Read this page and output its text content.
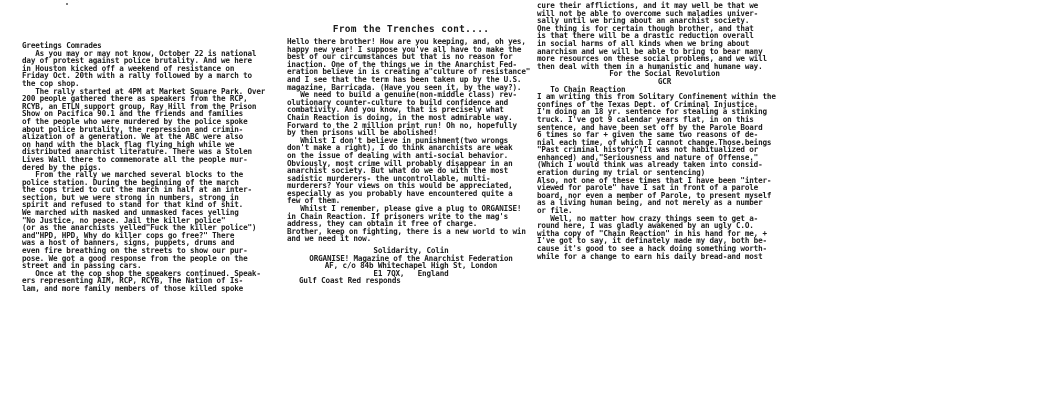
Greetings Comrades
As you may or may not know, October 22 is national
day of protest against police brutality. And we here
in Houston kicked off a weekend of resistance on
Friday Oct. 20th with a rally followed by a march to
the cop shop.
The rally started at 4PM at Market Square Park. Over
200 people gathered there as speakers from the RCP,
RCYB, an ETLN support group, Ray Hill from the Prison
Show on Pacifica 90.1 and the friends and families
of the people who were murdered by the police spoke
about police brutality, the repression and crimin-
alization of a generation. We at the ABC were also
on hand with the black flag flying high while we
distributed anarchist literature. There was a Stolen
Lives Wall there to commemorate all the people mur-
dered by the pigs.
From the rally we marched several blocks to the
police station. During the beginning of the march
the cops tried to cut the march in half at an inter-
section, but we were strong in numbers, strong in
spirit and refused to stand for that kind of shit.
We marched with masked and unmasked faces yelling
"No Justice, no peace. Jail the killer police"
(or as the anarchists yelled"Fuck the killer police")
and"HPD, HPD, Why do killer cops go free?" There
was a host of banners, signs, puppets, drums and
even fire breathing on the streets to show our pur-
pose. We got a good response from the people on the
street and in passing cars.
Once at the cop shop the speakers continued. Speak-
ers representing AIM, RCP, RCYB, The Nation of Is-
lam, and more family members of those killed spoke
From the Trenches cont....
Hello there brother! How are you keeping, and, oh yes,
happy new year! I suppose you've all have to make the
best of our circumstances but that is no reason for
inaction. One of the things we in the Anarchist Fed-
eration believe in is creating a"culture of resistance"
and I see that the term has been taken up by the U.S.
magazine, Barricada. (Have you seen it, by the way?).
We need to build a genuine(non-middle class) rev-
olutionary counter-culture to build confidence and
combativity. And you know, that is precisely what
Chain Reaction is doing, in the most admirable way.
Forward to the 2 million print run! Oh no, hopefully
by then prisons will be abolished!
Whilst I don't believe in punishment(two wrongs
don't make a right), I do think anarchists are weak
on the issue of dealing with anti-social behavior.
Obviously, most crime will probably disappear in an
anarchist society. But what do we do with the most
sadistic murderers- the uncontrollable, multi-
murderers? Your views on this would be appreciated,
especially as you probably have encountered quite a
few of them.
Whilst I remember, please give a plug to ORGANISE!
in Chain Reaction. If prisoners write to the mag's
address, they can obtain it free of charge.
Brother, keep on fighting, there is a new world to win
and we need it now.
Solidarity, Colin
ORGANISE! Magazine of the Anarchist Federation
AF, c/o 84b Whitechapel High St, London
E1 7QX,   England
Gulf Coast Red responds
cure their afflictions, and it may well be that we
will not be able to overcome such maladies univer-
sally until we bring about an anarchist society.
One thing is for certain though brother, and that
is that there will be a drastic reduction overall
in social harms of all kinds when we bring about
anarchism and we will be able to bring to bear many
more resources on these social problems, and we will
then deal with them in a humanistic and humane way.
For the Social Revolution
GCR
To Chain Reaction
I am writing this from Solitary Confinement within the
confines of the Texas Dept. of Criminal Injustice.
I'm doing an 18 yr. sentence for stealing a stinking
truck. I've got 9 calendar years flat, in on this
sentence, and have been set off by the Parole Board
6 times so far + given the same two reasons of de-
nial each time, of which I cannot change.Those.beings
"Past criminal history"(It was not habitualized or
enhanced) and,"Seriousness and nature of Offense."
(Which I would think was already taken into consid-
eration during my trial or sentencing)
Also, not one of these times that I have been "inter-
viewed for parole" have I sat in front of a parole
board, nor even a member of Parole, to present myself
as a living human being, and not merely as a number
or file.
Well, no matter how crazy things seem to get a-
round here, I was gladly awakened by an ugly C.O.
witha copy of "Chain Reaction" in his hand for me, +
I've got to say, it definately made my day, both be-
cause it's good to see a hack doing something worth-
while for a change to earn his daily bread-and most
